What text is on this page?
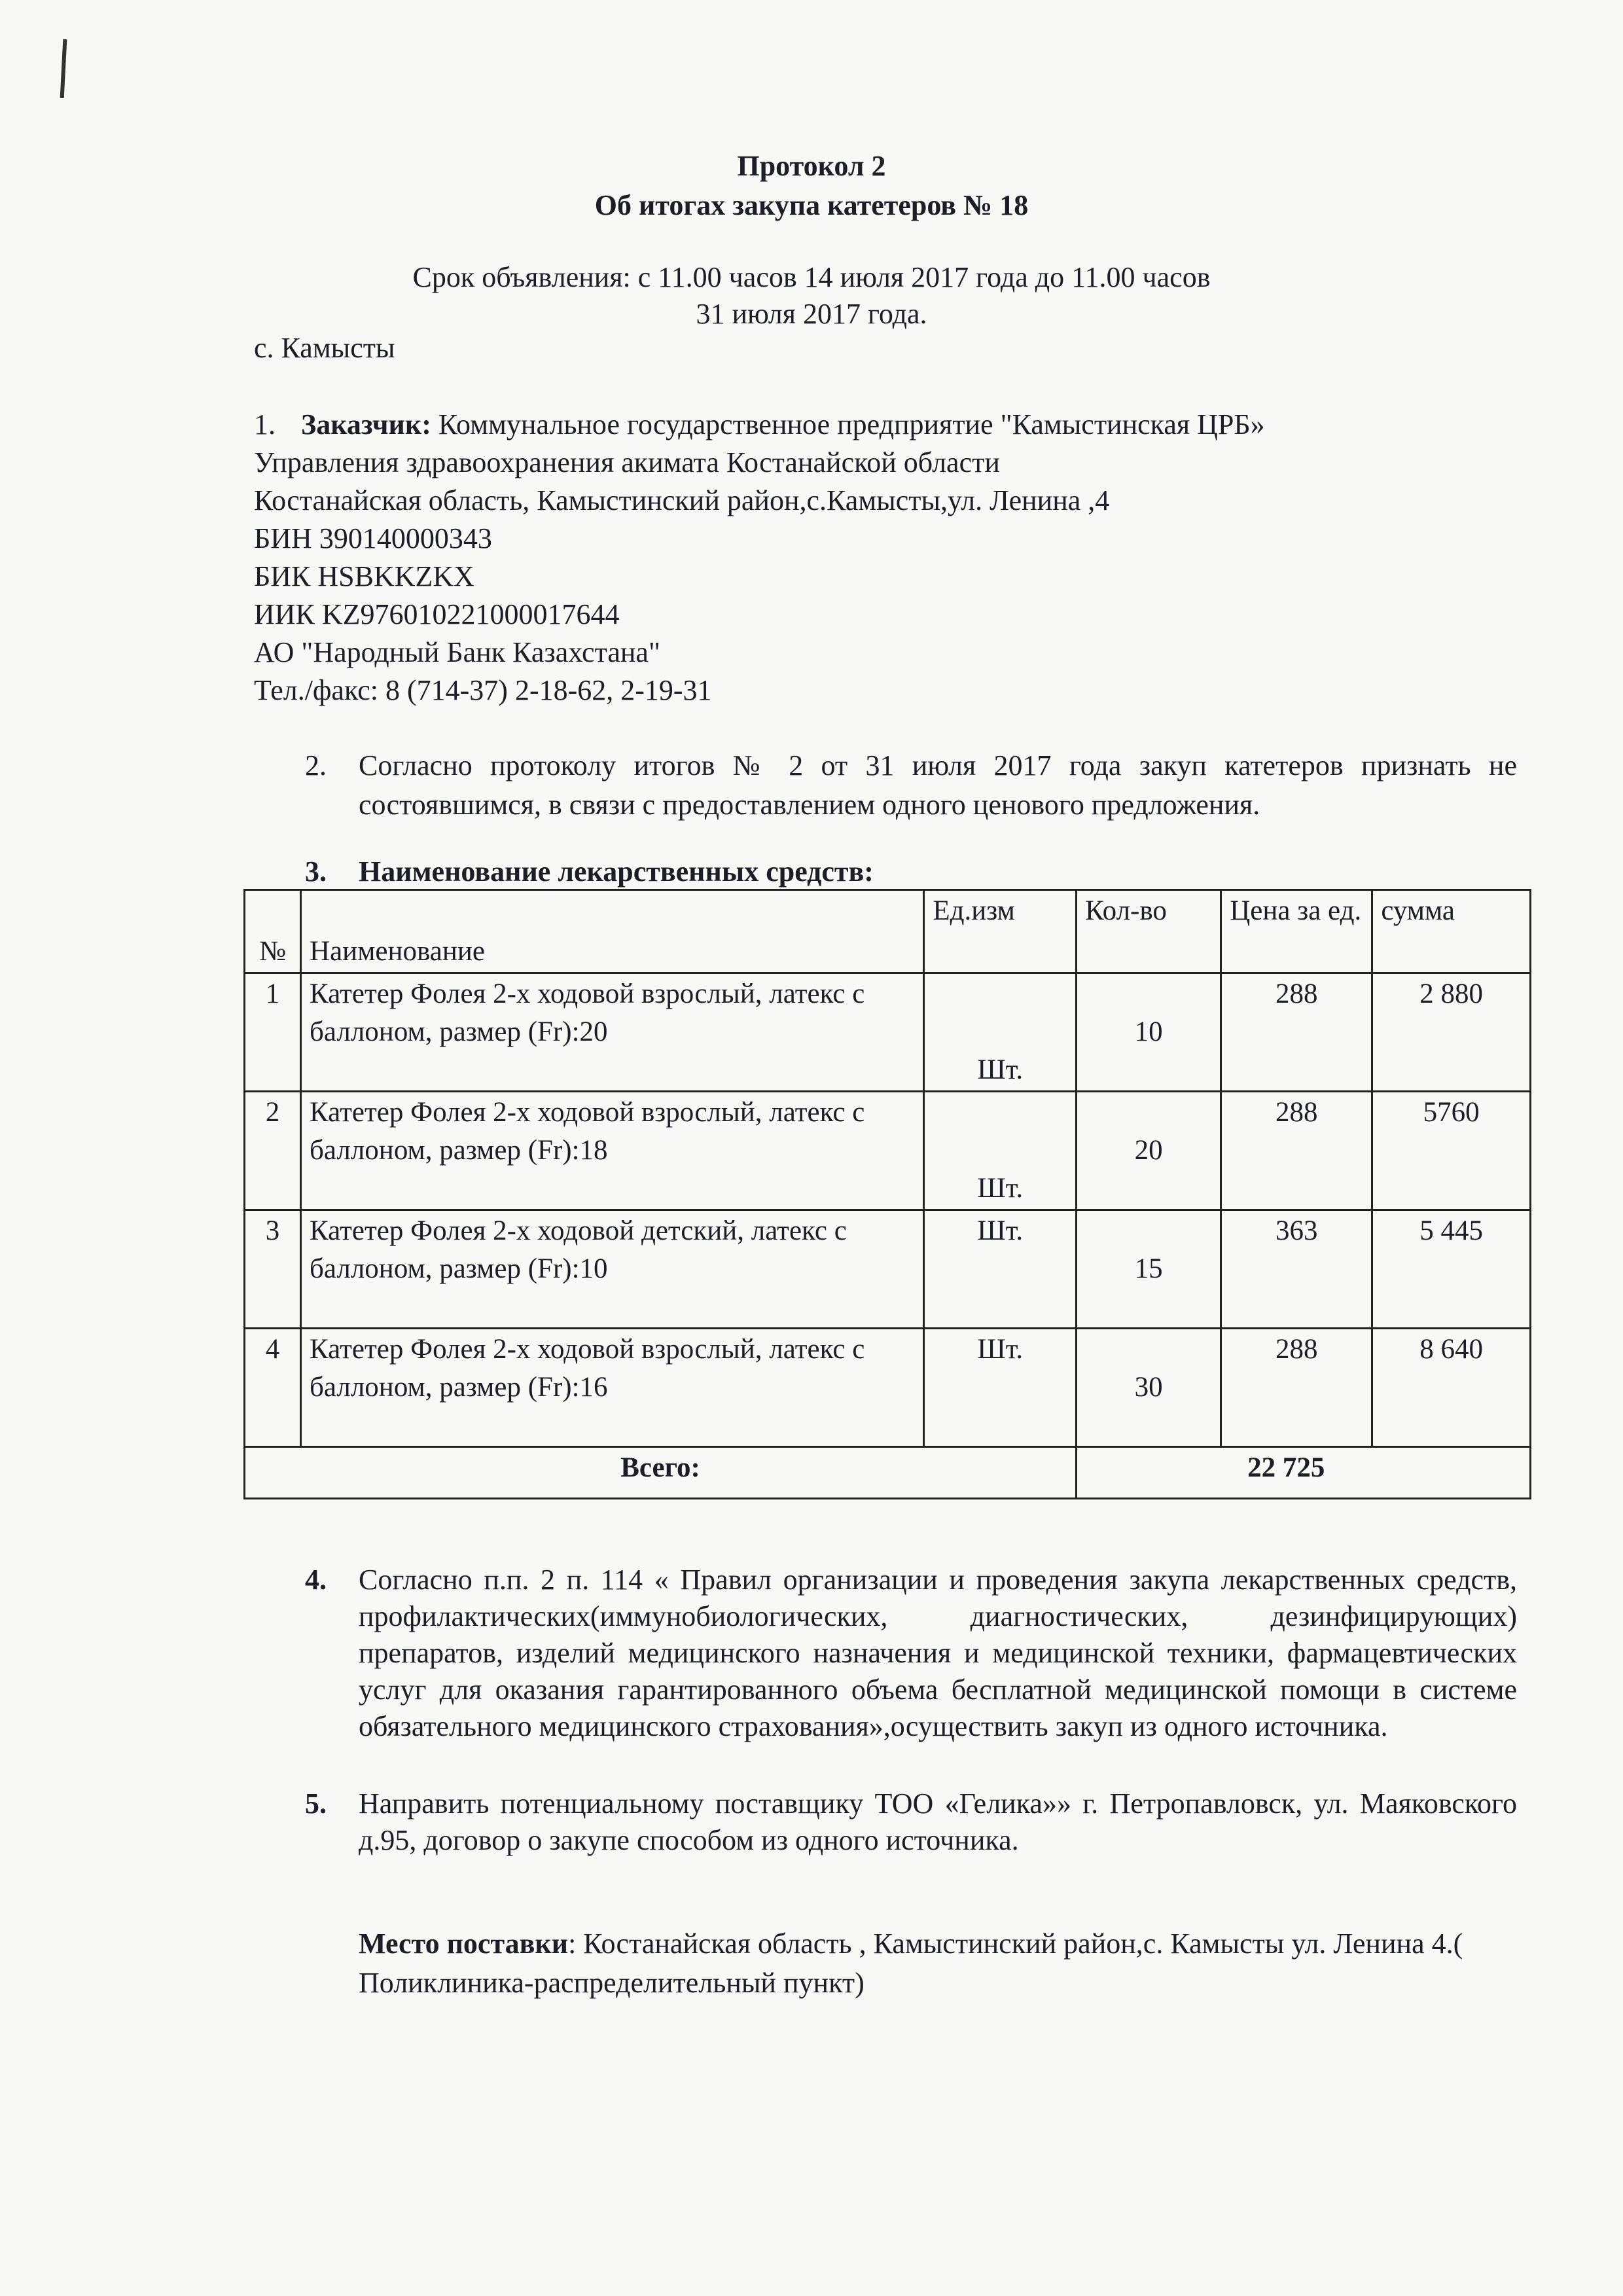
Протокол 2
Об итогах закупа катетеров № 18
Срок объявления: с 11.00 часов 14 июля 2017 года до 11.00 часов
31 июля 2017 года.
с. Камысты
1. Заказчик: Коммунальное государственное предприятие "Камыстинская ЦРБ»
Управления здравоохранения акимата Костанайской области
Костанайская область, Камыстинский район,с.Камысты,ул. Ленина ,4
БИН 390140000343
БИК HSBKKZKX
ИИК KZ976010221000017644
АО "Народный Банк Казахстана"
Тел./факс: 8 (714-37) 2-18-62, 2-19-31
2. Согласно протоколу итогов № 2 от 31 июля 2017 года закуп катетеров признать не состоявшимся, в связи с предоставлением одного ценового предложения.
3. Наименование лекарственных средств:
№	Наименование	Ед.изм	Кол-во	Цена за ед.	сумма
1	Катетер Фолея 2-х ходовой взрослый, латекс с баллоном, размер (Fr):20	Шт.	10	288	2 880
2	Катетер Фолея 2-х ходовой взрослый, латекс с баллоном, размер (Fr):18	Шт.	20	288	5760
3	Катетер Фолея 2-х ходовой детский, латекс с баллоном, размер (Fr):10	Шт.	15	363	5 445
4	Катетер Фолея 2-х ходовой взрослый, латекс с баллоном, размер (Fr):16	Шт.	30	288	8 640
Всего:			22 725		
4. Согласно п.п. 2 п. 114 « Правил организации и проведения закупа лекарственных средств, профилактических(иммунобиологических, диагностических, дезинфицирующих) препаратов, изделий медицинского назначения и медицинской техники, фармацевтических услуг для оказания гарантированного объема бесплатной медицинской помощи в системе обязательного медицинского страхования»,осуществить закуп из одного источника.
5. Направить потенциальному поставщику ТОО «Гелика»» г. Петропавловск, ул. Маяковского д.95, договор о закупе способом из одного источника.
Место поставки: Костанайская область , Камыстинский район,с. Камысты ул. Ленина 4.( Поликлиника-распределительный пункт)
